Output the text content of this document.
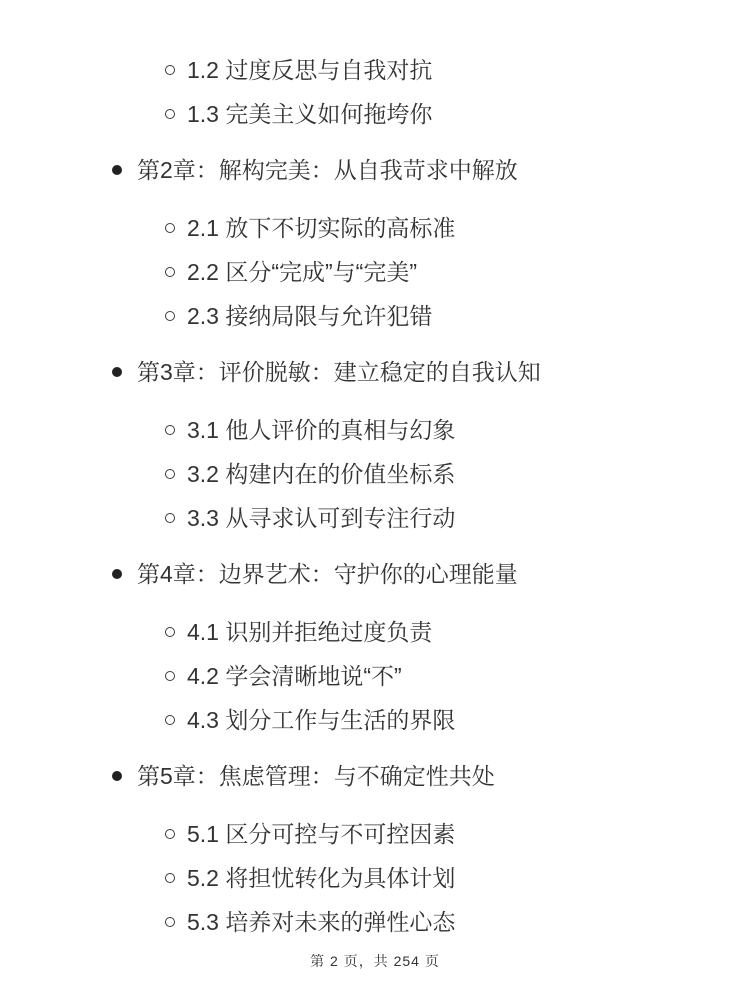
1.2 过度反思与自我对抗
1.3 完美主义如何拖垮你
第2章：解构完美：从自我苛求中解放
2.1 放下不切实际的高标准
2.2 区分“完成”与“完美”
2.3 接纳局限与允许犯错
第3章：评价脱敏：建立稳定的自我认知
3.1 他人评价的真相与幻象
3.2 构建内在的价值坐标系
3.3 从寻求认可到专注行动
第4章：边界艺术：守护你的心理能量
4.1 识别并拒绝过度负责
4.2 学会清晰地说“不”
4.3 划分工作与生活的界限
第5章：焦虑管理：与不确定性共处
5.1 区分可控与不可控因素
5.2 将担忧转化为具体计划
5.3 培养对未来的弹性心态
第 2 页，共 254 页
